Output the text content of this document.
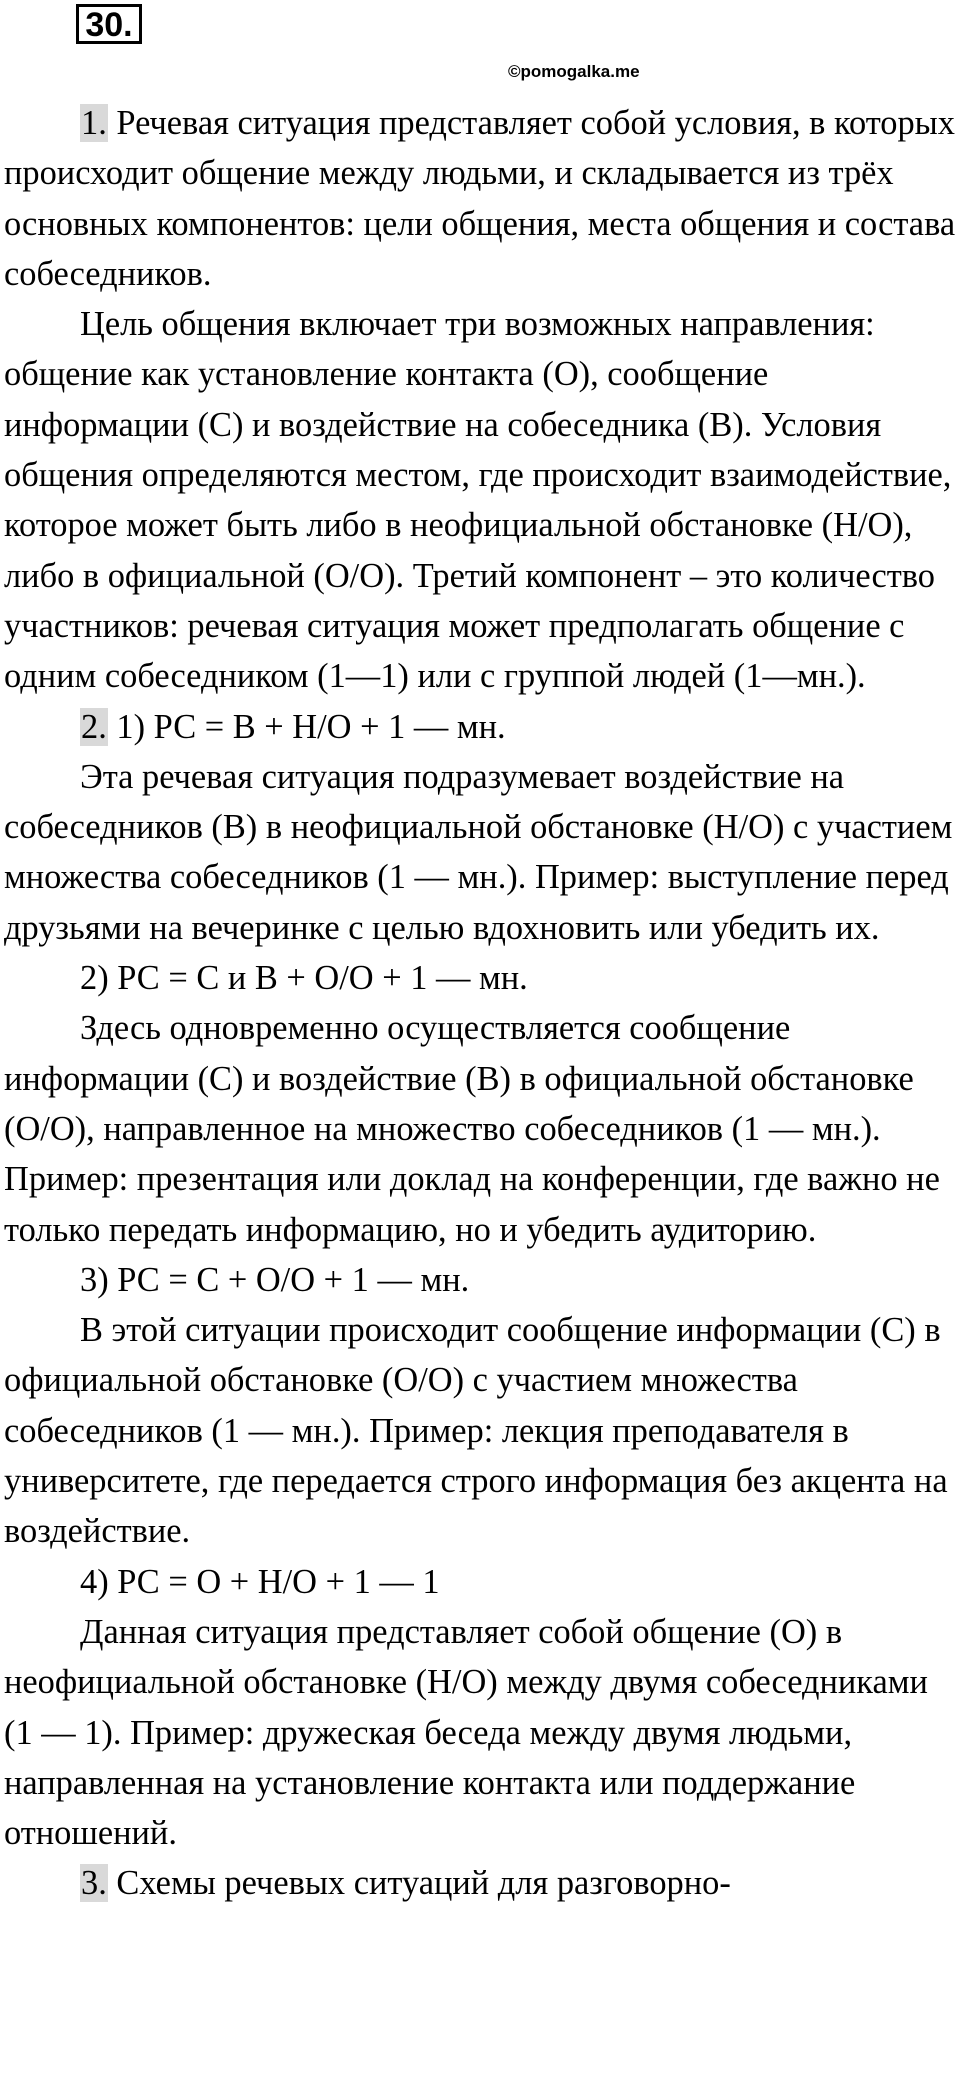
30.
©pomogalka.me

1. Речевая ситуация представляет собой условия, в которых происходит общение между людьми, и складывается из трёх основных компонентов: цели общения, места общения и состава собеседников.

Цель общения включает три возможных направления: общение как установление контакта (О), сообщение информации (С) и воздействие на собеседника (В). Условия общения определяются местом, где происходит взаимодействие, которое может быть либо в неофициальной обстановке (Н/О), либо в официальной (О/О). Третий компонент – это количество участников: речевая ситуация может предполагать общение с одним собеседником (1—1) или с группой людей (1—мн.).

2. 1) РС = В + Н/О + 1 — мн.

Эта речевая ситуация подразумевает воздействие на собеседников (В) в неофициальной обстановке (Н/О) с участием множества собеседников (1 — мн.). Пример: выступление перед друзьями на вечеринке с целью вдохновить или убедить их.

2) РС = С и В + О/О + 1 — мн.

Здесь одновременно осуществляется сообщение информации (С) и воздействие (В) в официальной обстановке (О/О), направленное на множество собеседников (1 — мн.). Пример: презентация или доклад на конференции, где важно не только передать информацию, но и убедить аудиторию.

3) РС = С + О/О + 1 — мн.

В этой ситуации происходит сообщение информации (С) в официальной обстановке (О/О) с участием множества собеседников (1 — мн.). Пример: лекция преподавателя в университете, где передается строго информация без акцента на воздействие.

4) РС = О + Н/О + 1 — 1

Данная ситуация представляет собой общение (О) в неофициальной обстановке (Н/О) между двумя собеседниками (1 — 1). Пример: дружеская беседа между двумя людьми, направленная на установление контакта или поддержание отношений.

3. Схемы речевых ситуаций для разговорно-
